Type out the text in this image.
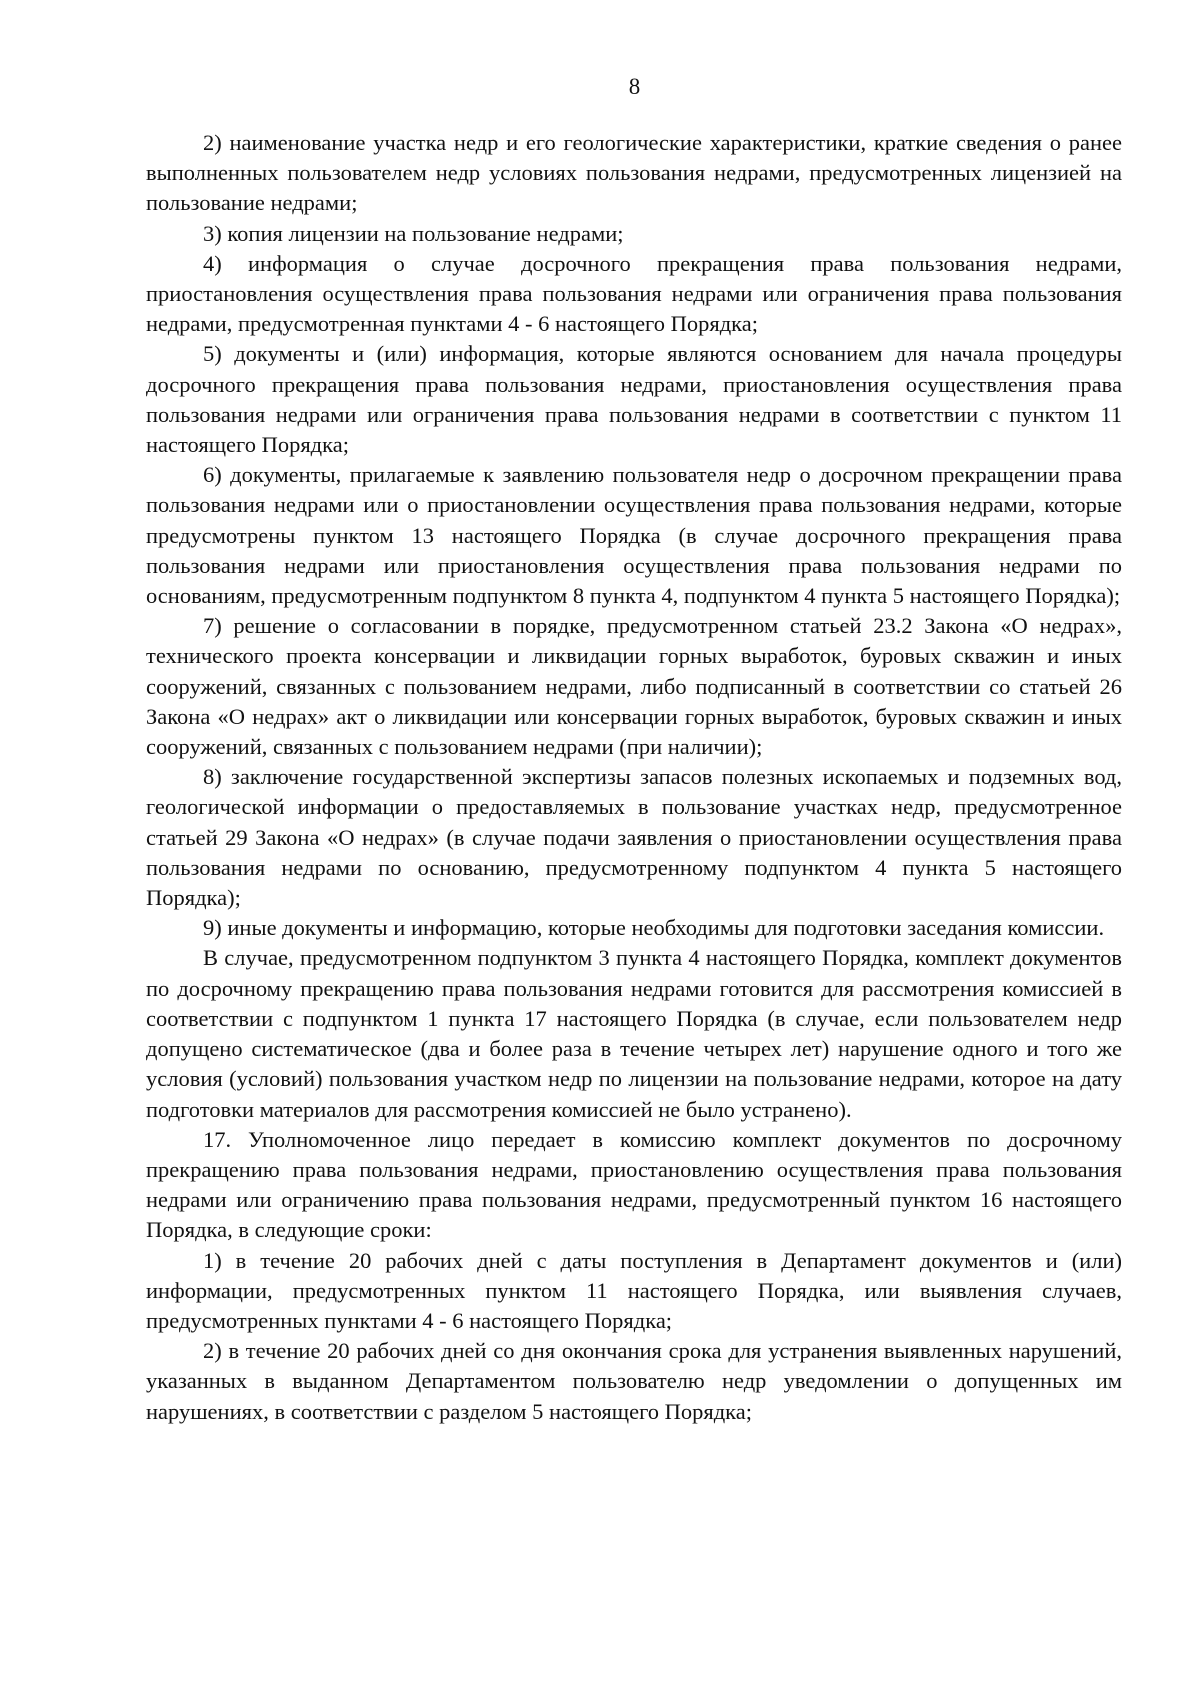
8

2) наименование участка недр и его геологические характеристики, краткие сведения о ранее выполненных пользователем недр условиях пользования недрами, предусмотренных лицензией на пользование недрами;

3) копия лицензии на пользование недрами;

4) информация о случае досрочного прекращения права пользования недрами, приостановления осуществления права пользования недрами или ограничения права пользования недрами, предусмотренная пунктами 4 - 6 настоящего Порядка;

5) документы и (или) информация, которые являются основанием для начала процедуры досрочного прекращения права пользования недрами, приостановления осуществления права пользования недрами или ограничения права пользования недрами в соответствии с пунктом 11 настоящего Порядка;

6) документы, прилагаемые к заявлению пользователя недр о досрочном прекращении права пользования недрами или о приостановлении осуществления права пользования недрами, которые предусмотрены пунктом 13 настоящего Порядка (в случае досрочного прекращения права пользования недрами или приостановления осуществления права пользования недрами по основаниям, предусмотренным подпунктом 8 пункта 4, подпунктом 4 пункта 5 настоящего Порядка);

7) решение о согласовании в порядке, предусмотренном статьей 23.2 Закона «О недрах», технического проекта консервации и ликвидации горных выработок, буровых скважин и иных сооружений, связанных с пользованием недрами, либо подписанный в соответствии со статьей 26 Закона «О недрах» акт о ликвидации или консервации горных выработок, буровых скважин и иных сооружений, связанных с пользованием недрами (при наличии);

8) заключение государственной экспертизы запасов полезных ископаемых и подземных вод, геологической информации о предоставляемых в пользование участках недр, предусмотренное статьей 29 Закона «О недрах» (в случае подачи заявления о приостановлении осуществления права пользования недрами по основанию, предусмотренному подпунктом 4 пункта 5 настоящего Порядка);

9) иные документы и информацию, которые необходимы для подготовки заседания комиссии.

В случае, предусмотренном подпунктом 3 пункта 4 настоящего Порядка, комплект документов по досрочному прекращению права пользования недрами готовится для рассмотрения комиссией в соответствии с подпунктом 1 пункта 17 настоящего Порядка (в случае, если пользователем недр допущено систематическое (два и более раза в течение четырех лет) нарушение одного и того же условия (условий) пользования участком недр по лицензии на пользование недрами, которое на дату подготовки материалов для рассмотрения комиссией не было устранено).

17. Уполномоченное лицо передает в комиссию комплект документов по досрочному прекращению права пользования недрами, приостановлению осуществления права пользования недрами или ограничению права пользования недрами, предусмотренный пунктом 16 настоящего Порядка, в следующие сроки:

1) в течение 20 рабочих дней с даты поступления в Департамент документов и (или) информации, предусмотренных пунктом 11 настоящего Порядка, или выявления случаев, предусмотренных пунктами 4 - 6 настоящего Порядка;

2) в течение 20 рабочих дней со дня окончания срока для устранения выявленных нарушений, указанных в выданном Департаментом пользователю недр уведомлении о допущенных им нарушениях, в соответствии с разделом 5 настоящего Порядка;
